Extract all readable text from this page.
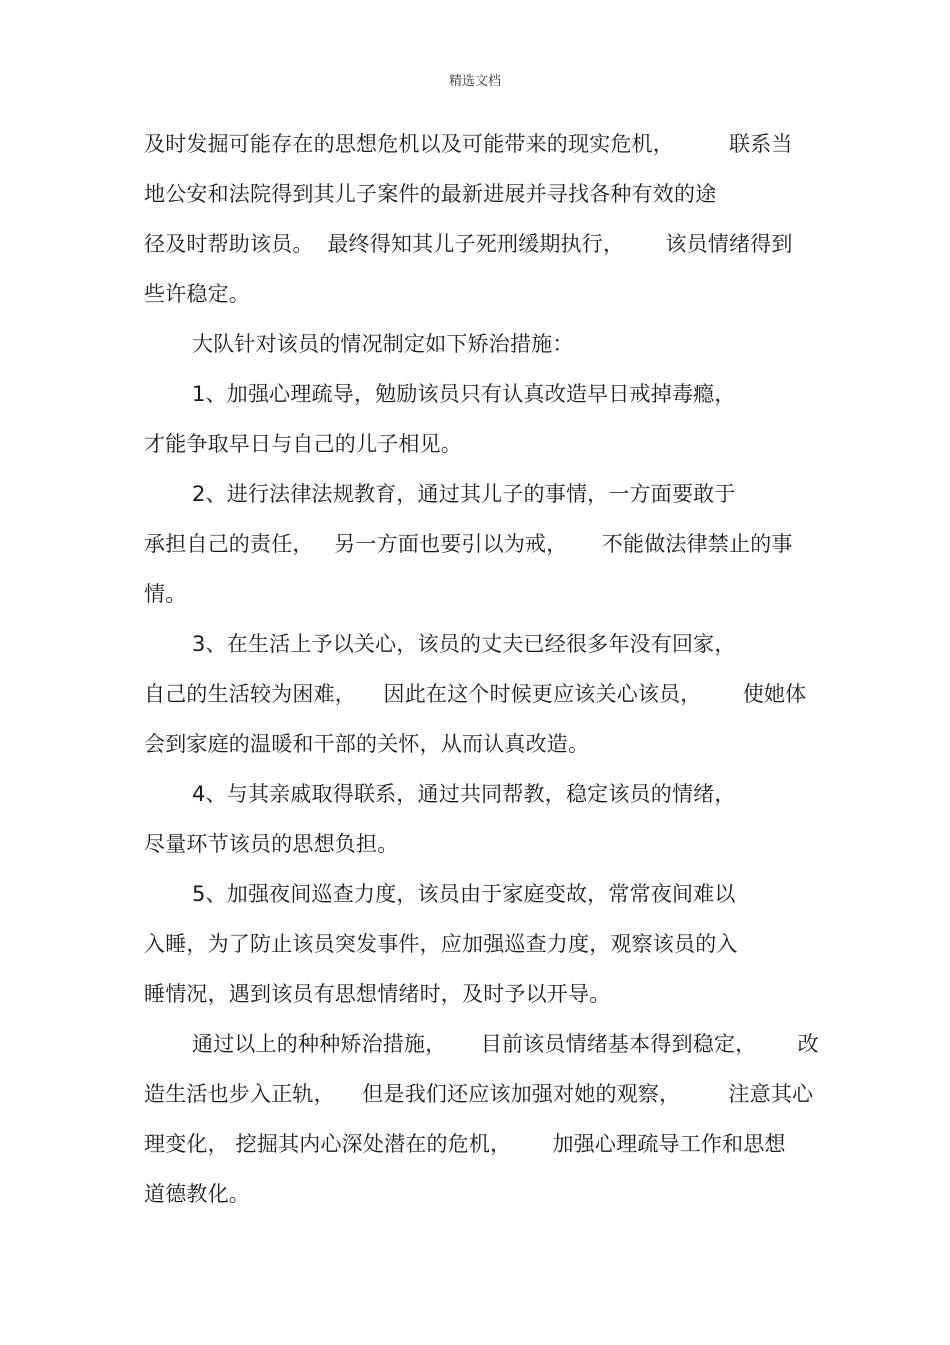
精选文档
及时发掘可能存在的思想危机以及可能带来的现实危机，        联系当
地公安和法院得到其儿子案件的最新进展并寻找各种有效的途
径及时帮助该员。  最终得知其儿子死刑缓期执行，      该员情绪得到
些许稳定。
大队针对该员的情况制定如下矫治措施：
1、加强心理疏导，勉励该员只有认真改造早日戒掉毒瘾，
才能争取早日与自己的儿子相见。
2、进行法律法规教育，通过其儿子的事情，一方面要敢于
承担自己的责任，   另一方面也要引以为戒，     不能做法律禁止的事
情。
3、在生活上予以关心，该员的丈夫已经很多年没有回家，
自己的生活较为困难，    因此在这个时候更应该关心该员，      使她体
会到家庭的温暖和干部的关怀，从而认真改造。
4、与其亲戚取得联系，通过共同帮教，稳定该员的情绪，
尽量环节该员的思想负担。
5、加强夜间巡查力度，该员由于家庭变故，常常夜间难以
入睡，为了防止该员突发事件，应加强巡查力度，观察该员的入
睡情况，遇到该员有思想情绪时，及时予以开导。
通过以上的种种矫治措施，     目前该员情绪基本得到稳定，      改
造生活也步入正轨，    但是我们还应该加强对她的观察，       注意其心
理变化， 挖掘其内心深处潜在的危机，      加强心理疏导工作和思想
道德教化。
